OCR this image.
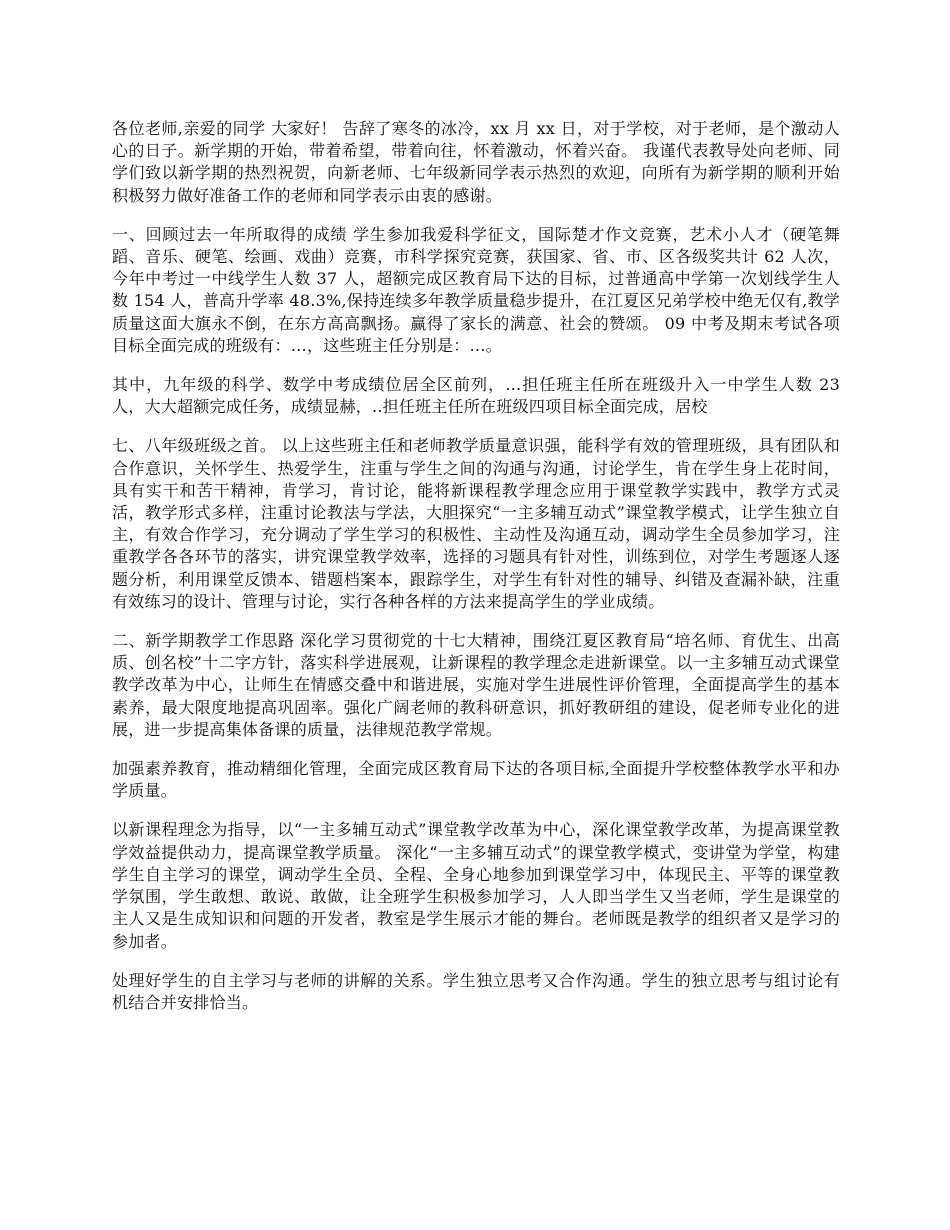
各位老师,亲爱的同学 大家好！ 告辞了寒冬的冰冷，xx 月 xx 日，对于学校，对于老师，是个激动人心的日子。新学期的开始，带着希望，带着向往，怀着激动，怀着兴奋。 我谨代表教导处向老师、同学们致以新学期的热烈祝贺，向新老师、七年级新同学表示热烈的欢迎，向所有为新学期的顺利开始积极努力做好准备工作的老师和同学表示由衷的感谢。

一、回顾过去一年所取得的成绩 学生参加我爱科学征文，国际楚才作文竞赛，艺术小人才（硬笔舞蹈、音乐、硬笔、绘画、戏曲）竞赛，市科学探究竞赛，获国家、省、市、区各级奖共计 62 人次，今年中考过一中线学生人数 37 人，超额完成区教育局下达的目标，过普通高中学第一次划线学生人数 154 人，普高升学率 48.3%,保持连续多年教学质量稳步提升，在江夏区兄弟学校中绝无仅有,教学质量这面大旗永不倒，在东方高高飘扬。赢得了家长的满意、社会的赞颂。 09 中考及期末考试各项目标全面完成的班级有：…，这些班主任分别是：…。

其中，九年级的科学、数学中考成绩位居全区前列，…担任班主任所在班级升入一中学生人数 23 人，大大超额完成任务，成绩显赫，..担任班主任所在班级四项目标全面完成，居校

七、八年级班级之首。 以上这些班主任和老师教学质量意识强，能科学有效的管理班级，具有团队和合作意识，关怀学生、热爱学生，注重与学生之间的沟通与沟通，讨论学生，肯在学生身上花时间，具有实干和苦干精神，肯学习，肯讨论，能将新课程教学理念应用于课堂教学实践中，教学方式灵活，教学形式多样，注重讨论教法与学法，大胆探究“一主多辅互动式”课堂教学模式，让学生独立自主，有效合作学习，充分调动了学生学习的积极性、主动性及沟通互动，调动学生全员参加学习，注重教学各各环节的落实，讲究课堂教学效率，选择的习题具有针对性，训练到位，对学生考题逐人逐题分析，利用课堂反馈本、错题档案本，跟踪学生，对学生有针对性的辅导、纠错及查漏补缺，注重有效练习的设计、管理与讨论，实行各种各样的方法来提高学生的学业成绩。

二、新学期教学工作思路 深化学习贯彻党的十七大精神，围绕江夏区教育局“培名师、育优生、出高质、创名校”十二字方针，落实科学进展观，让新课程的教学理念走进新课堂。以一主多辅互动式课堂教学改革为中心，让师生在情感交叠中和谐进展，实施对学生进展性评价管理，全面提高学生的基本素养，最大限度地提高巩固率。强化广阔老师的教科研意识，抓好教研组的建设，促老师专业化的进展，进一步提高集体备课的质量，法律规范教学常规。

加强素养教育，推动精细化管理，全面完成区教育局下达的各项目标,全面提升学校整体教学水平和办学质量。

以新课程理念为指导，以“一主多辅互动式”课堂教学改革为中心，深化课堂教学改革，为提高课堂教学效益提供动力，提高课堂教学质量。 深化“一主多辅互动式”的课堂教学模式，变讲堂为学堂，构建学生自主学习的课堂，调动学生全员、全程、全身心地参加到课堂学习中，体现民主、平等的课堂教学氛围，学生敢想、敢说、敢做，让全班学生积极参加学习，人人即当学生又当老师，学生是课堂的主人又是生成知识和问题的开发者，教室是学生展示才能的舞台。老师既是教学的组织者又是学习的参加者。

处理好学生的自主学习与老师的讲解的关系。学生独立思考又合作沟通。学生的独立思考与组讨论有机结合并安排恰当。
